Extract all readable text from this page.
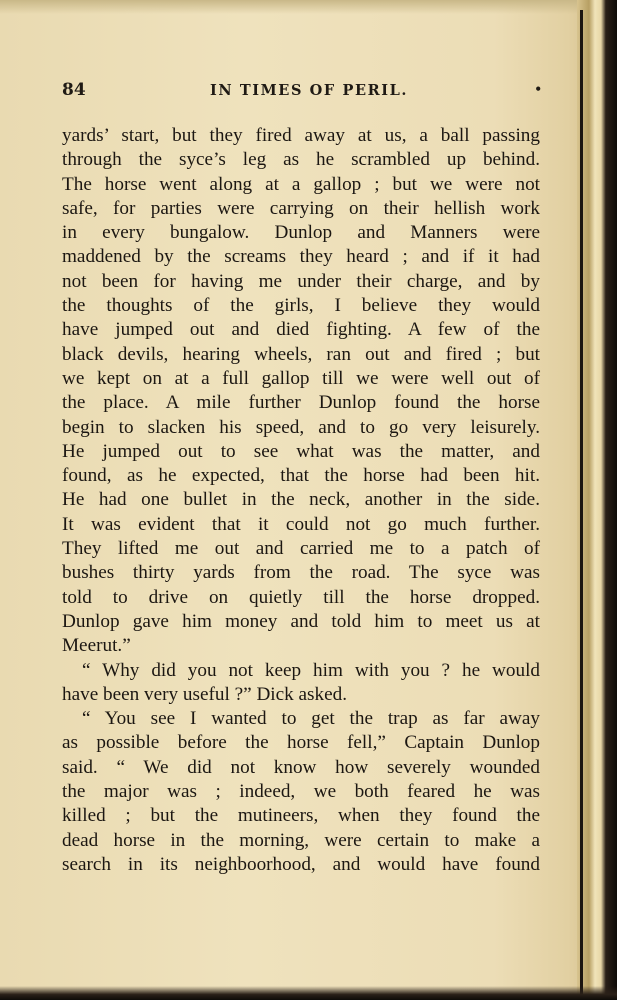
84	IN TIMES OF PERIL.	•
yards’ start, but they fired away at us, a ball passing
through the syce’s leg as he scrambled up behind.
The horse went along at a gallop ; but we were not
safe, for parties were carrying on their hellish work
in every bungalow. Dunlop and Manners were
maddened by the screams they heard ; and if it had
not been for having me under their charge, and by
the thoughts of the girls, I believe they would
have jumped out and died fighting. A few of the
black devils, hearing wheels, ran out and fired ; but
we kept on at a full gallop till we were well out of
the place. A mile further Dunlop found the horse
begin to slacken his speed, and to go very leisurely.
He jumped out to see what was the matter, and
found, as he expected, that the horse had been hit.
He had one bullet in the neck, another in the side.
It was evident that it could not go much further.
They lifted me out and carried me to a patch of
bushes thirty yards from the road. The syce was
told to drive on quietly till the horse dropped.
Dunlop gave him money and told him to meet us at
Meerut.”
“ Why did you not keep him with you ? he would
have been very useful ?” Dick asked.
“ You see I wanted to get the trap as far away
as possible before the horse fell,” Captain Dunlop
said. “ We did not know how severely wounded
the major was ; indeed, we both feared he was
killed ; but the mutineers, when they found the
dead horse in the morning, were certain to make a
search in its neighboorhood, and would have found
